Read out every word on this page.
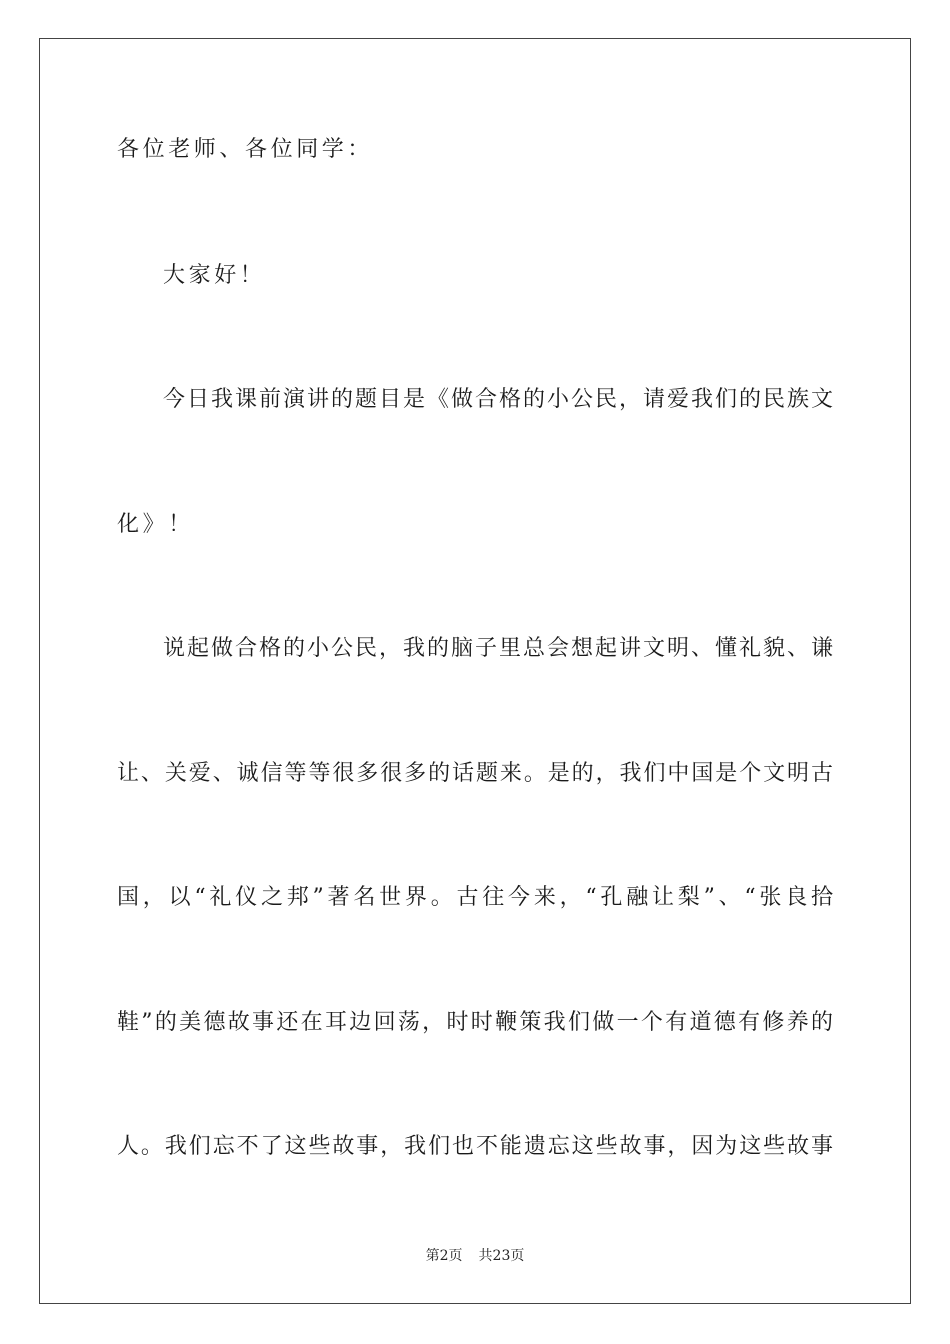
各位老师、各位同学：
大家好！
今日我课前演讲的题目是《做合格的小公民，请爱我们的民族文
化》！
说起做合格的小公民，我的脑子里总会想起讲文明、懂礼貌、谦
让、关爱、诚信等等很多很多的话题来。是的，我们中国是个文明古
国，以“礼仪之邦”著名世界。古往今来，“孔融让梨”、“张良拾
鞋”的美德故事还在耳边回荡，时时鞭策我们做一个有道德有修养的
人。我们忘不了这些故事，我们也不能遗忘这些故事，因为这些故事
第2页 共23页
